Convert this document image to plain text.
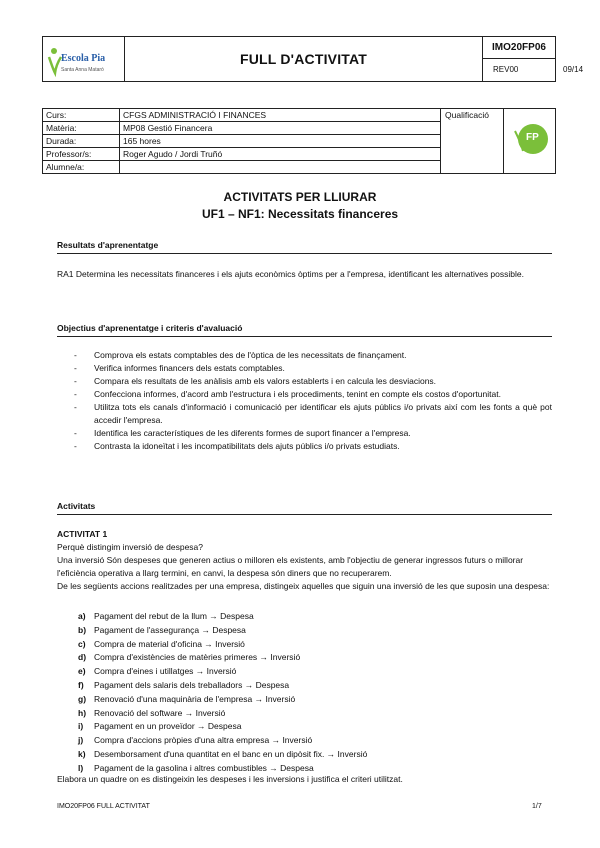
Escola Pia
Santa Anna Mataró
FULL D'ACTIVITAT
IMO20FP06
REV00	09/14
Curs:	CFGS ADMINISTRACIÓ I FINANCES
Matèria:	MP08 Gestió Financera
Durada:	165 hores
Professor/s:	Roger Agudo / Jordi Truñó
Alumne/a:
Qualificació
FP
ACTIVITATS PER LLIURAR
UF1 – NF1: Necessitats financeres
Resultats d'aprenentatge
RA1 Determina les necessitats financeres i els ajuts econòmics òptims per a l'empresa, identificant les alternatives possible.
Objectius d'aprenentatge i criteris d'avaluació
- Comprova els estats comptables des de l'òptica de les necessitats de finançament.
- Verifica informes financers dels estats comptables.
- Compara els resultats de les anàlisis amb els valors establerts i en calcula les desviacions.
- Confecciona informes, d'acord amb l'estructura i els procediments, tenint en compte els costos d'oportunitat.
- Utilitza tots els canals d'informació i comunicació per identificar els ajuts públics i/o privats així com les fonts a què pot accedir l'empresa.
- Identifica les característiques de les diferents formes de suport financer a l'empresa.
- Contrasta la idoneïtat i les incompatibilitats dels ajuts públics i/o privats estudiats.
Activitats
ACTIVITAT 1
Perquè distingim inversió de despesa?
Una inversió Són despeses que generen actius o milloren els existents, amb l'objectiu de generar ingressos futurs o millorar l'eficiència operativa a llarg termini, en canvi, la despesa són diners que no recuperarem.
De les següents accions realitzades per una empresa, distingeix aquelles que siguin una inversió de les que suposin una despesa:
a) Pagament del rebut de la llum → Despesa
b) Pagament de l'assegurança → Despesa
c) Compra de material d'oficina → Inversió
d) Compra d'existències de matèries primeres → Inversió
e) Compra d'eines i utillatges → Inversió
f)	Pagament dels salaris dels treballadors → Despesa
g) Renovació d'una maquinària de l'empresa → Inversió
h) Renovació del software → Inversió
i)	Pagament en un proveïdor → Despesa
j)	Compra d'accions pròpies d'una altra empresa → Inversió
k) Desemborsament d'una quantitat en el banc en un dipòsit fix. → Inversió
l)	Pagament de la gasolina i altres combustibles → Despesa
Elabora un quadre on es distingeixin les despeses i les inversions i justifica el criteri utilitzat.
IMO20FP06 FULL ACTIVITAT	1/7
